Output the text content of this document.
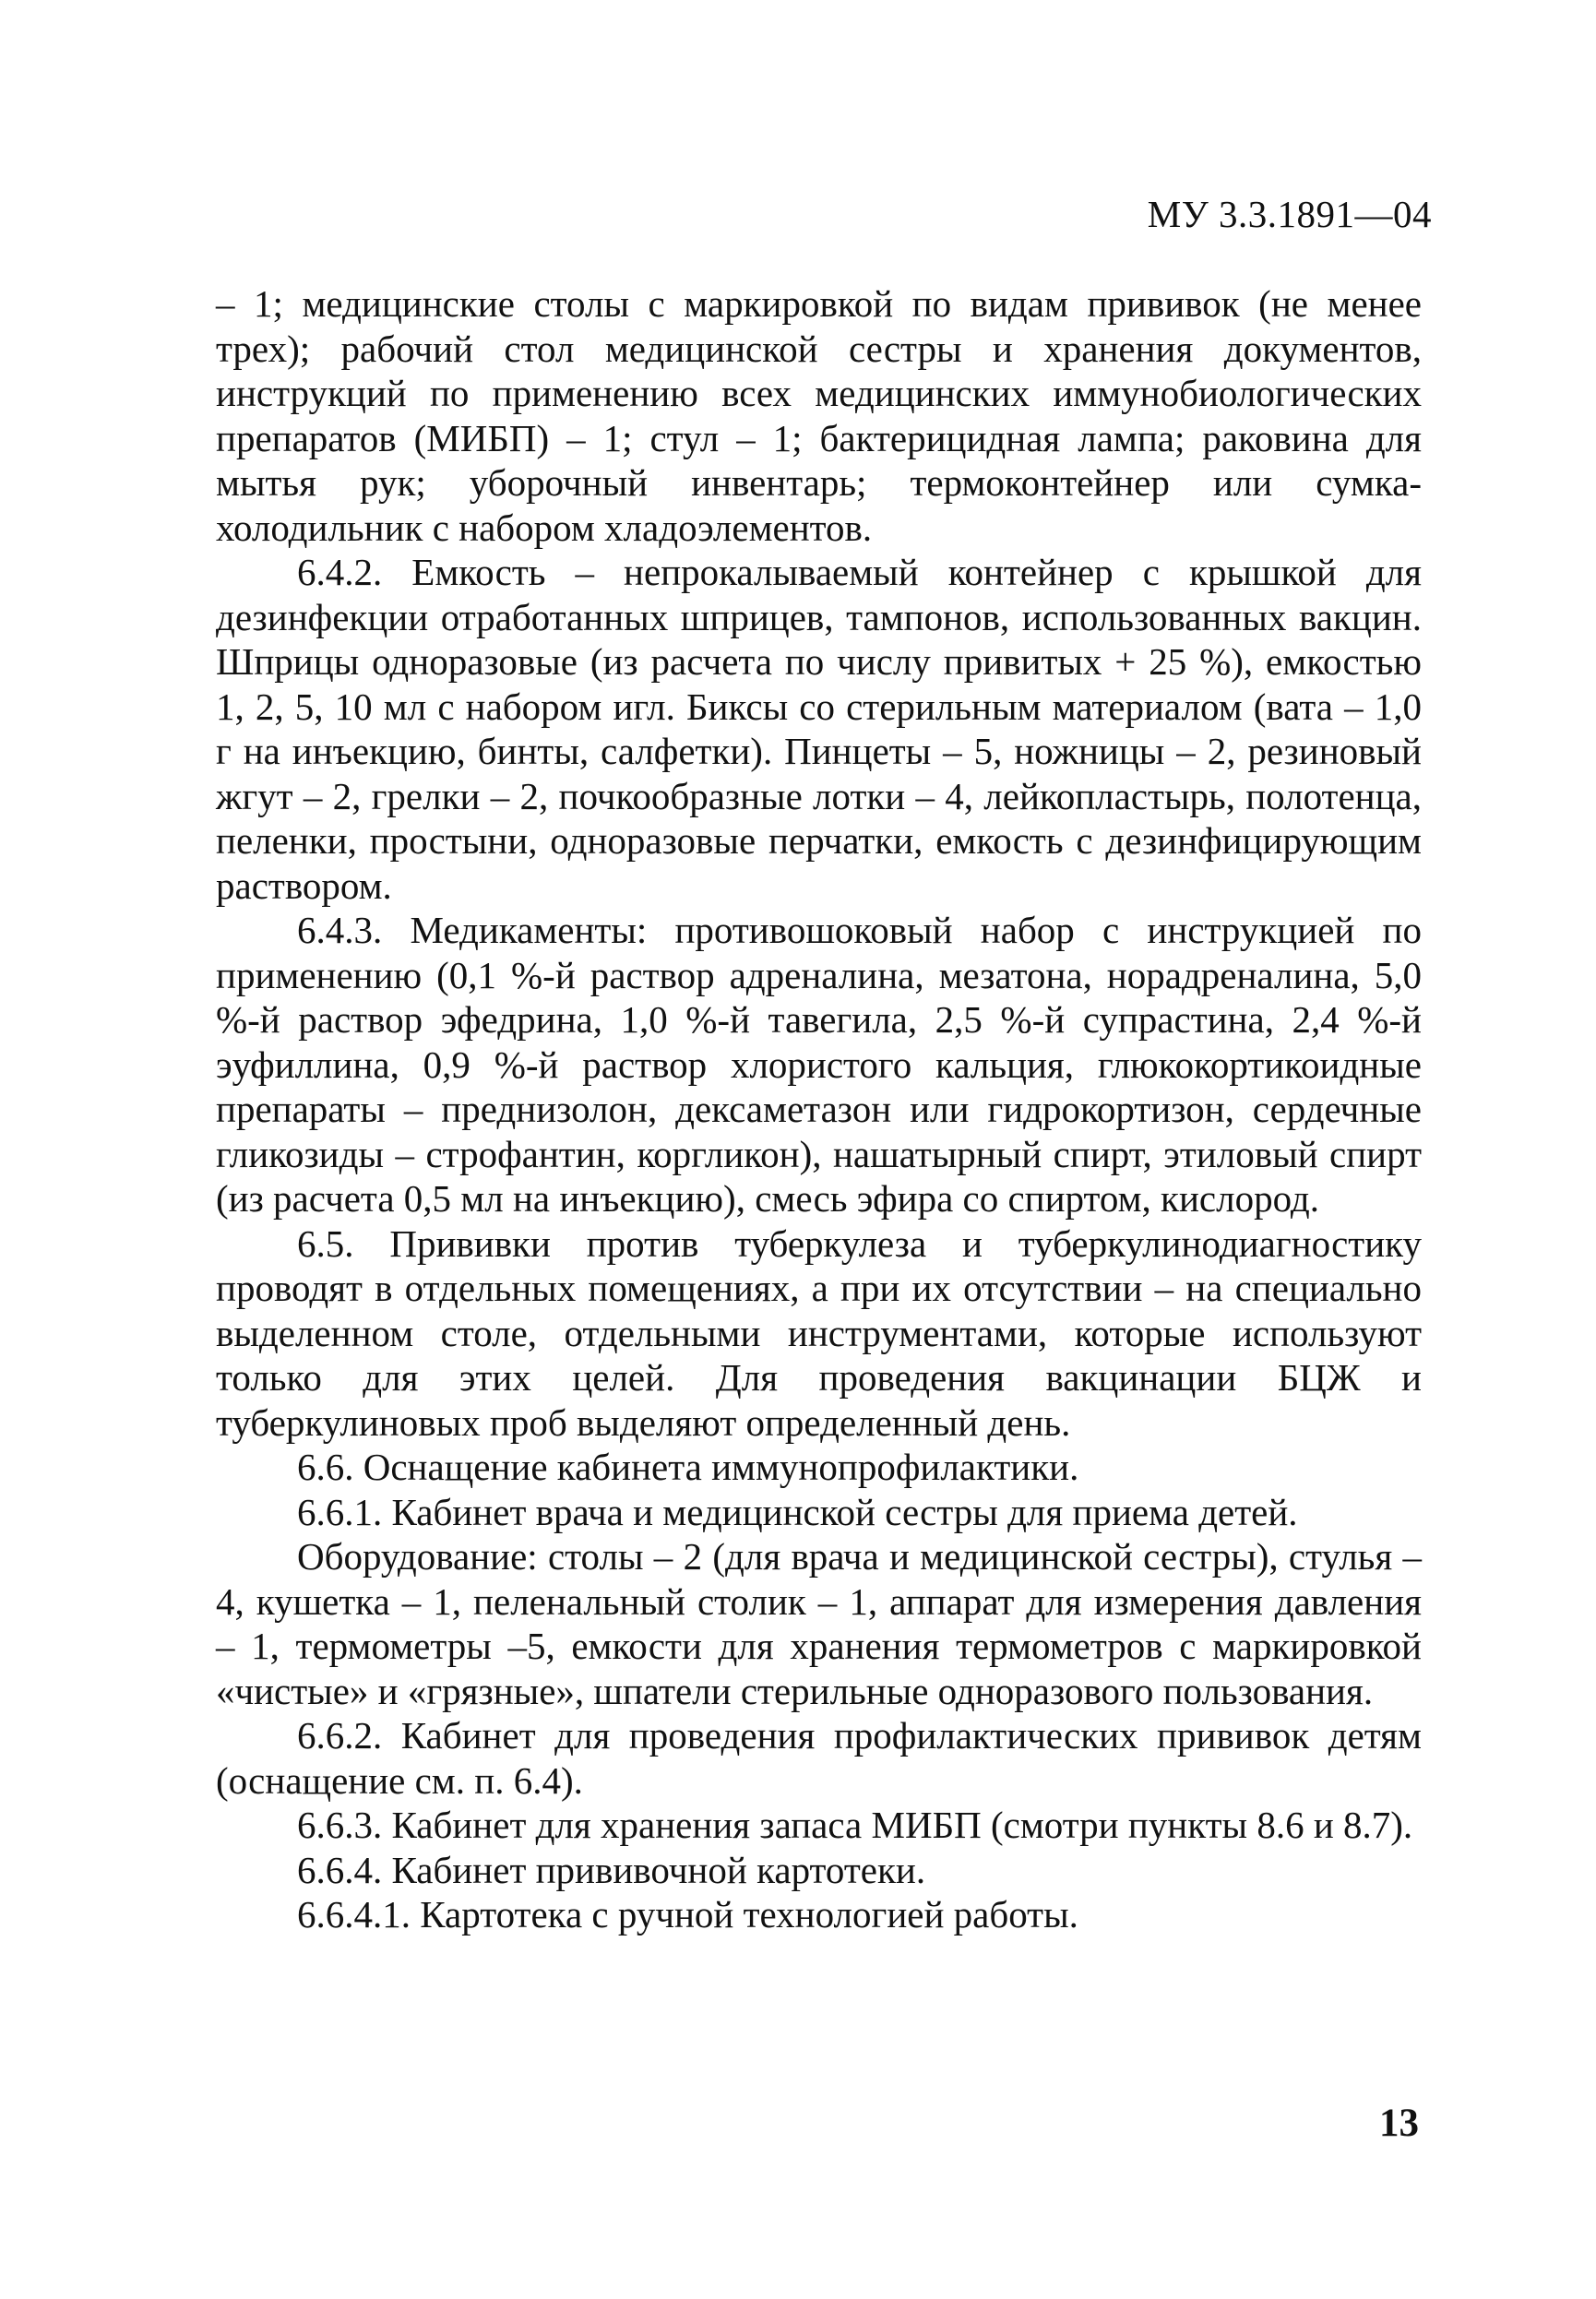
МУ 3.3.1891—04

– 1; медицинские столы с маркировкой по видам прививок (не менее трех); рабочий стол медицинской сестры и хранения документов, инструкций по применению всех медицинских иммунобиологических препаратов (МИБП) – 1; стул – 1; бактерицидная лампа; раковина для мытья рук; уборочный инвентарь; термоконтейнер или сумка-холодильник с набором хладоэлементов.

6.4.2. Емкость – непрокалываемый контейнер с крышкой для дезинфекции отработанных шприцев, тампонов, использованных вакцин. Шприцы одноразовые (из расчета по числу привитых + 25 %), емкостью 1, 2, 5, 10 мл с набором игл. Биксы со стерильным материалом (вата – 1,0 г на инъекцию, бинты, салфетки). Пинцеты – 5, ножницы – 2, резиновый жгут – 2, грелки – 2, почкообразные лотки – 4, лейкопластырь, полотенца, пеленки, простыни, одноразовые перчатки, емкость с дезинфицирующим раствором.

6.4.3. Медикаменты: противошоковый набор с инструкцией по применению (0,1 %-й раствор адреналина, мезатона, норадреналина, 5,0 %-й раствор эфедрина, 1,0 %-й тавегила, 2,5 %-й супрастина, 2,4 %-й эуфиллина, 0,9 %-й раствор хлористого кальция, глюкокортикоидные препараты – преднизолон, дексаметазон или гидрокортизон, сердечные гликозиды – строфантин, коргликон), нашатырный спирт, этиловый спирт (из расчета 0,5 мл на инъекцию), смесь эфира со спиртом, кислород.

6.5. Прививки против туберкулеза и туберкулинодиагностику проводят в отдельных помещениях, а при их отсутствии – на специально выделенном столе, отдельными инструментами, которые используют только для этих целей. Для проведения вакцинации БЦЖ и туберкулиновых проб выделяют определенный день.

6.6. Оснащение кабинета иммунопрофилактики.

6.6.1. Кабинет врача и медицинской сестры для приема детей.

Оборудование: столы – 2 (для врача и медицинской сестры), стулья – 4, кушетка – 1, пеленальный столик – 1, аппарат для измерения давления – 1, термометры –5, емкости для хранения термометров с маркировкой «чистые» и «грязные», шпатели стерильные одноразового пользования.

6.6.2. Кабинет для проведения профилактических прививок детям (оснащение см. п. 6.4).

6.6.3. Кабинет для хранения запаса МИБП (смотри пункты 8.6 и 8.7).

6.6.4. Кабинет прививочной картотеки.

6.6.4.1. Картотека с ручной технологией работы.

13
